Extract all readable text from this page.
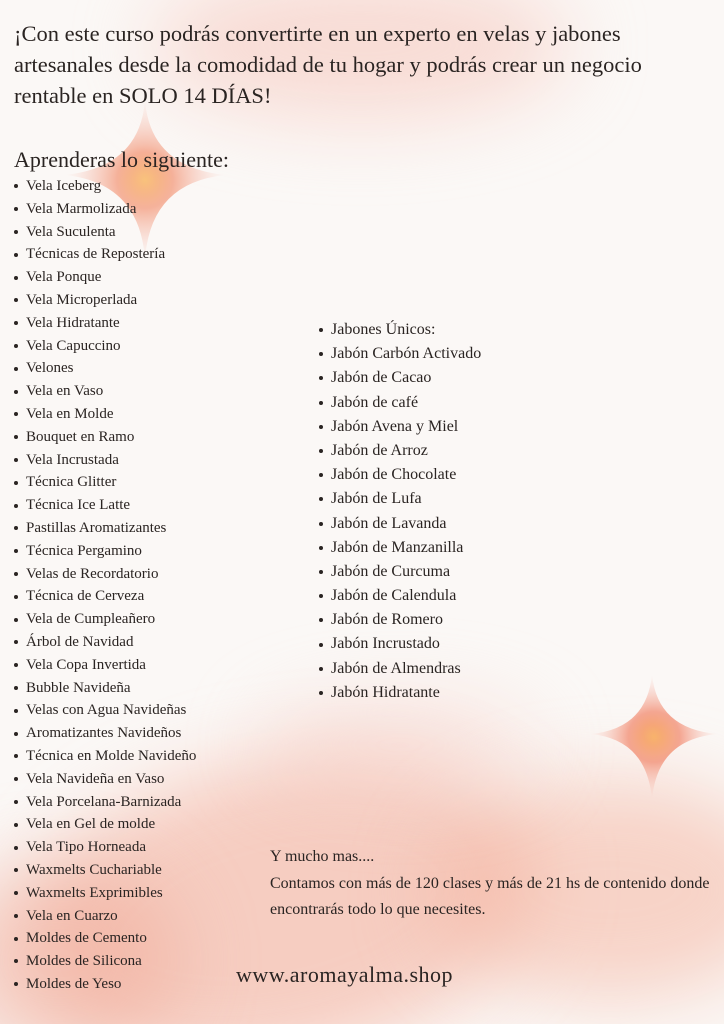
¡Con este curso podrás convertirte en un experto en velas y jabones artesanales desde la comodidad de tu hogar y podrás crear un negocio rentable en SOLO 14 DÍAS!

Aprenderas lo siguiente:
Vela Iceberg
Vela Marmolizada
Vela Suculenta
Técnicas de Repostería
Vela Ponque
Vela Microperlada
Vela Hidratante
Vela Capuccino
Velones
Vela en Vaso
Vela en Molde
Bouquet en Ramo
Vela Incrustada
Técnica Glitter
Técnica Ice Latte
Pastillas Aromatizantes
Técnica Pergamino
Velas de Recordatorio
Técnica de Cerveza
Vela de Cumpleañero
Árbol de Navidad
Vela Copa Invertida
Bubble Navideña
Velas con Agua Navideñas
Aromatizantes Navideños
Técnica en Molde Navideño
Vela Navideña en Vaso
Vela Porcelana-Barnizada
Vela en Gel de molde
Vela Tipo Horneada
Waxmelts Cuchariable
Waxmelts Exprimibles
Vela en Cuarzo
Moldes de Cemento
Moldes de Silicona
Moldes de Yeso
Jabones Únicos:
Jabón Carbón Activado
Jabón de Cacao
Jabón de café
Jabón Avena y Miel
Jabón de Arroz
Jabón de Chocolate
Jabón de Lufa
Jabón de Lavanda
Jabón de Manzanilla
Jabón de Curcuma
Jabón de Calendula
Jabón de Romero
Jabón Incrustado
Jabón de Almendras
Jabón Hidratante

Y mucho mas....

Contamos con más de 120 clases y más de 21 hs de contenido donde encontrarás todo lo que necesites.

www.aromayalma.shop
